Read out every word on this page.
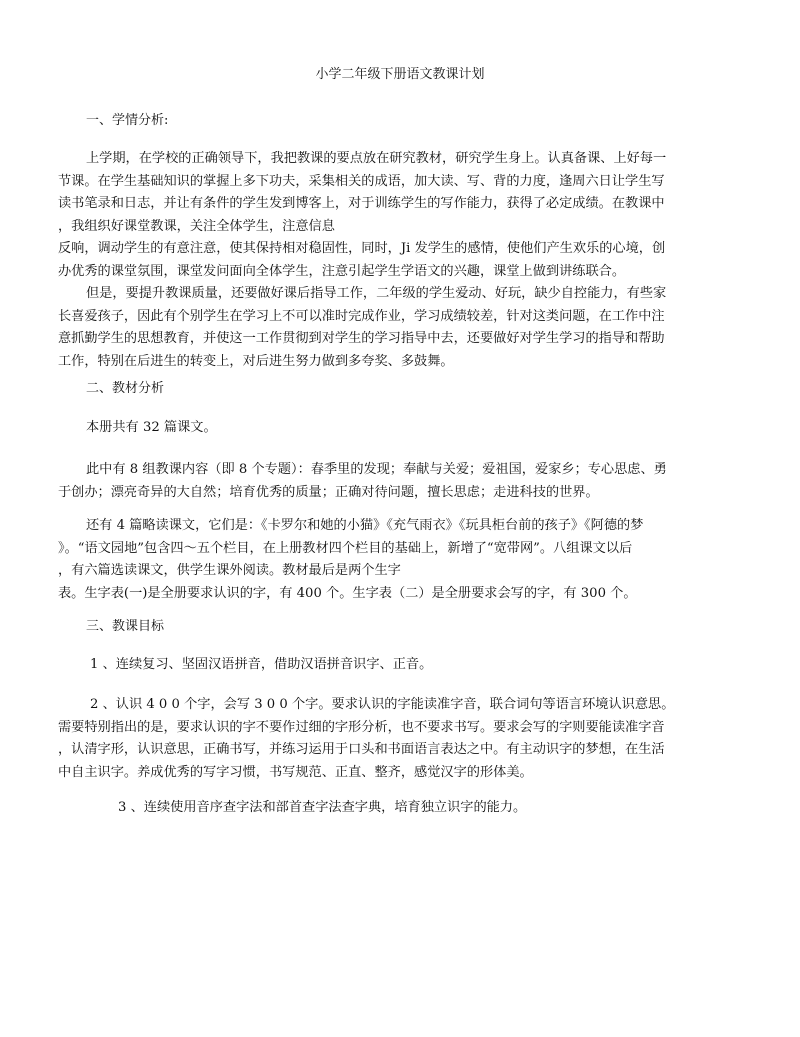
小学二年级下册语文教课计划
一、学情分析:
上学期，在学校的正确领导下，我把教课的要点放在研究教材，研究学生身上。认真备课、上好每一
节课。在学生基础知识的掌握上多下功夫，采集相关的成语，加大读、写、背的力度，逢周六日让学生写
读书笔录和日志，并让有条件的学生发到博客上，对于训练学生的写作能力，获得了必定成绩。在教课中
，我组织好课堂教课，关注全体学生，注意信息
反响，调动学生的有意注意，使其保持相对稳固性，同时，Ji 发学生的感情，使他们产生欢乐的心境，创
办优秀的课堂氛围，课堂发问面向全体学生，注意引起学生学语文的兴趣，课堂上做到讲练联合。
但是，要提升教课质量，还要做好课后指导工作，二年级的学生爱动、好玩，缺少自控能力，有些家
长喜爱孩子，因此有个别学生在学习上不可以准时完成作业，学习成绩较差，针对这类问题，在工作中注
意抓勤学生的思想教育，并使这一工作贯彻到对学生的学习指导中去，还要做好对学生学习的指导和帮助
工作，特别在后进生的转变上，对后进生努力做到多夸奖、多鼓舞。
二、教材分析
本册共有 32 篇课文。
此中有 8 组教课内容（即 8 个专题）：春季里的发现；奉献与关爱；爱祖国，爱家乡；专心思虑、勇
于创办；漂亮奇异的大自然；培育优秀的质量；正确对待问题，擅长思虑；走进科技的世界。
还有 4 篇略读课文，它们是：《卡罗尔和她的小猫》《充气雨衣》《玩具柜台前的孩子》《阿德的梦
》。“语文园地”包含四～五个栏目，在上册教材四个栏目的基础上，新增了“宽带网”。八组课文以后
，有六篇选读课文，供学生课外阅读。教材最后是两个生字
表。生字表(一)是全册要求认识的字，有 400 个。生字表（二）是全册要求会写的字，有 300 个。
三、教课目标
1 、连续复习、坚固汉语拼音，借助汉语拼音识字、正音。
2 、认识 4 0 0 个字，会写 3 0 0 个字。要求认识的字能读准字音，联合词句等语言环境认识意思。
需要特别指出的是，要求认识的字不要作过细的字形分析，也不要求书写。要求会写的字则要能读准字音
，认清字形，认识意思，正确书写，并练习运用于口头和书面语言表达之中。有主动识字的梦想，在生活
中自主识字。养成优秀的写字习惯，书写规范、正直、整齐，感觉汉字的形体美。
3 、连续使用音序查字法和部首查字法查字典，培育独立识字的能力。
